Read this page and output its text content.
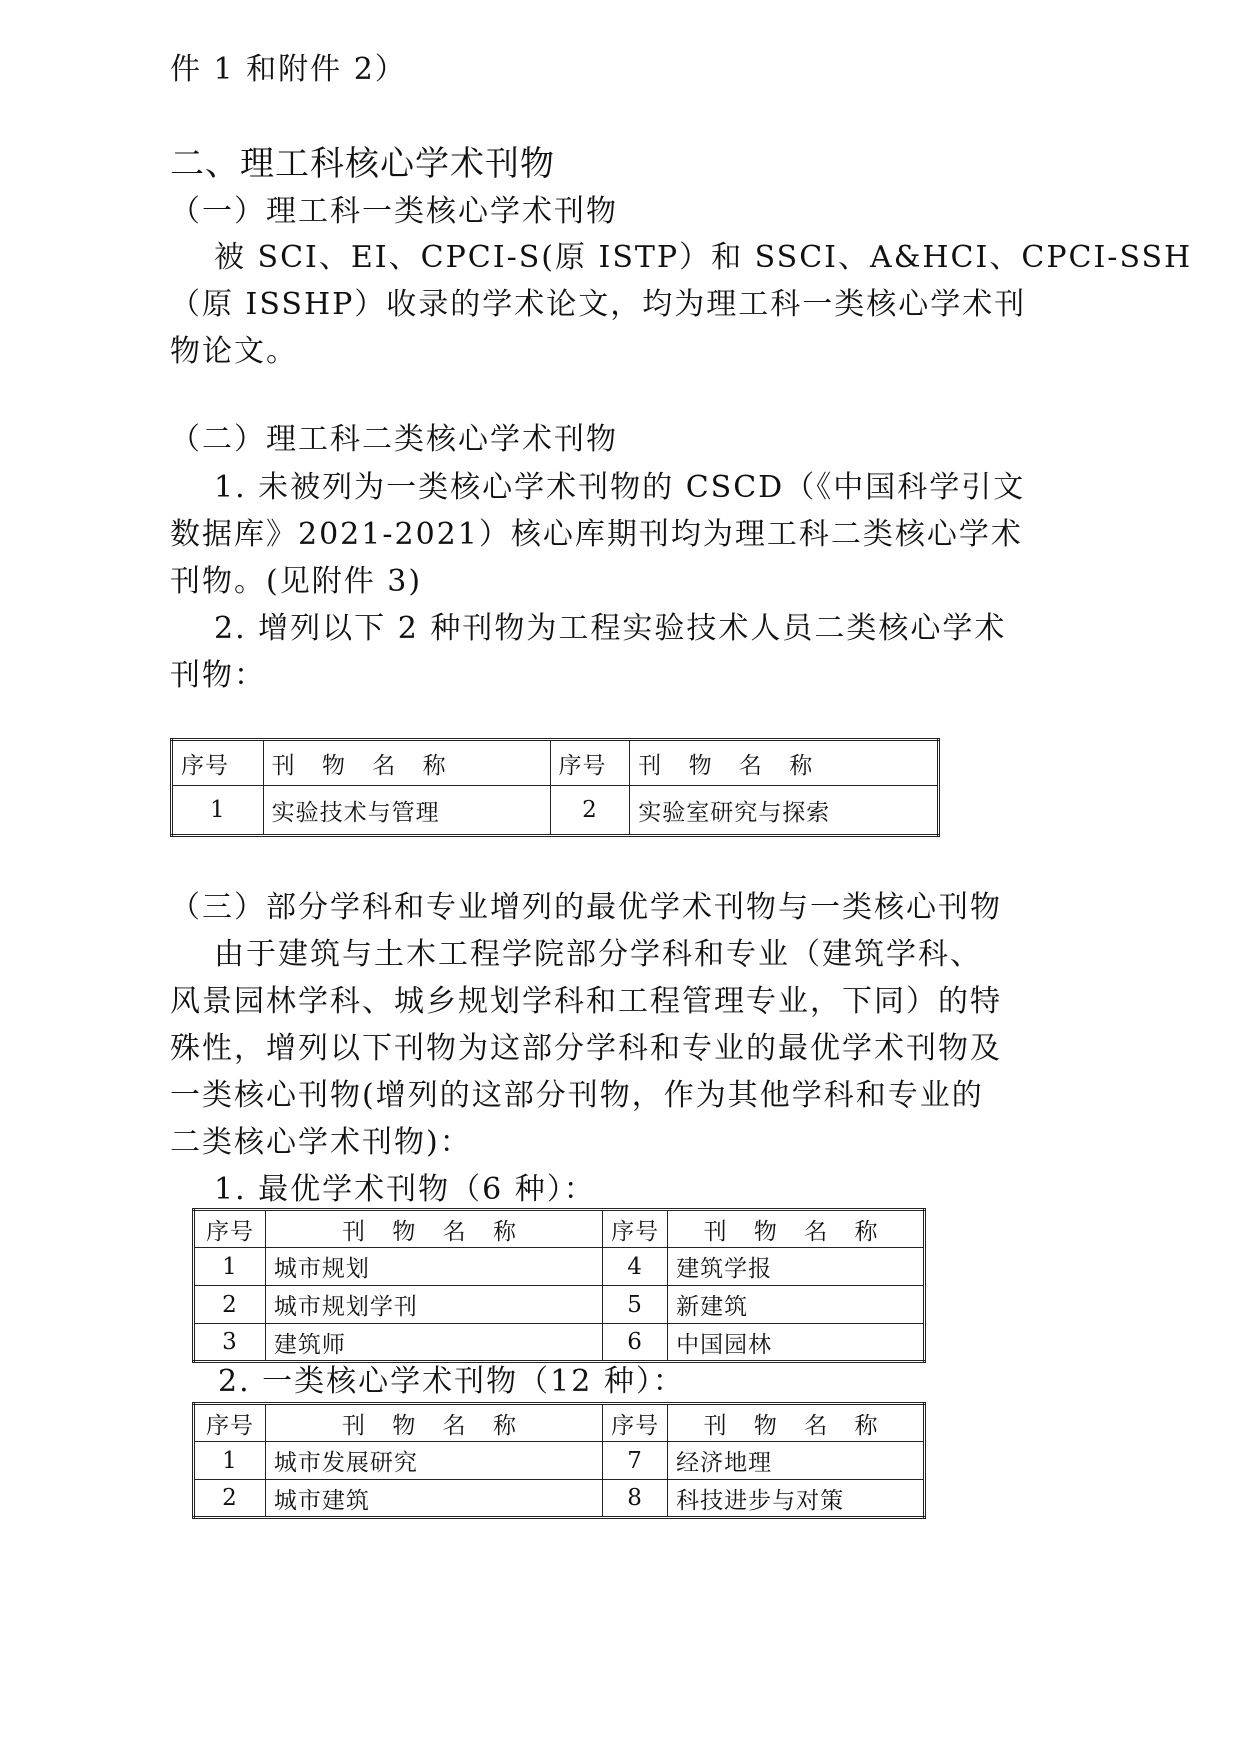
件 1 和附件 2）
二、理工科核心学术刊物
（一）理工科一类核心学术刊物
被 SCI、EI、CPCI-S(原 ISTP）和 SSCI、A&HCI、CPCI-SSH
（原 ISSHP）收录的学术论文，均为理工科一类核心学术刊
物论文。
（二）理工科二类核心学术刊物
1. 未被列为一类核心学术刊物的 CSCD（《中国科学引文
数据库》2021-2021）核心库期刊均为理工科二类核心学术
刊物。(见附件 3)
2. 增列以下 2 种刊物为工程实验技术人员二类核心学术
刊物：
序号	刊 物 名 称	序号	刊 物 名 称
1	实验技术与管理	2	实验室研究与探索
（三）部分学科和专业增列的最优学术刊物与一类核心刊物
由于建筑与土木工程学院部分学科和专业（建筑学科、
风景园林学科、城乡规划学科和工程管理专业，下同）的特
殊性，增列以下刊物为这部分学科和专业的最优学术刊物及
一类核心刊物(增列的这部分刊物，作为其他学科和专业的
二类核心学术刊物)：
1. 最优学术刊物（6 种）：
序号	刊 物 名 称	序号	刊 物 名 称
1	城市规划	4	建筑学报
2	城市规划学刊	5	新建筑
3	建筑师	6	中国园林
2. 一类核心学术刊物（12 种）：
序号	刊 物 名 称	序号	刊 物 名 称
1	城市发展研究	7	经济地理
2	城市建筑	8	科技进步与对策
